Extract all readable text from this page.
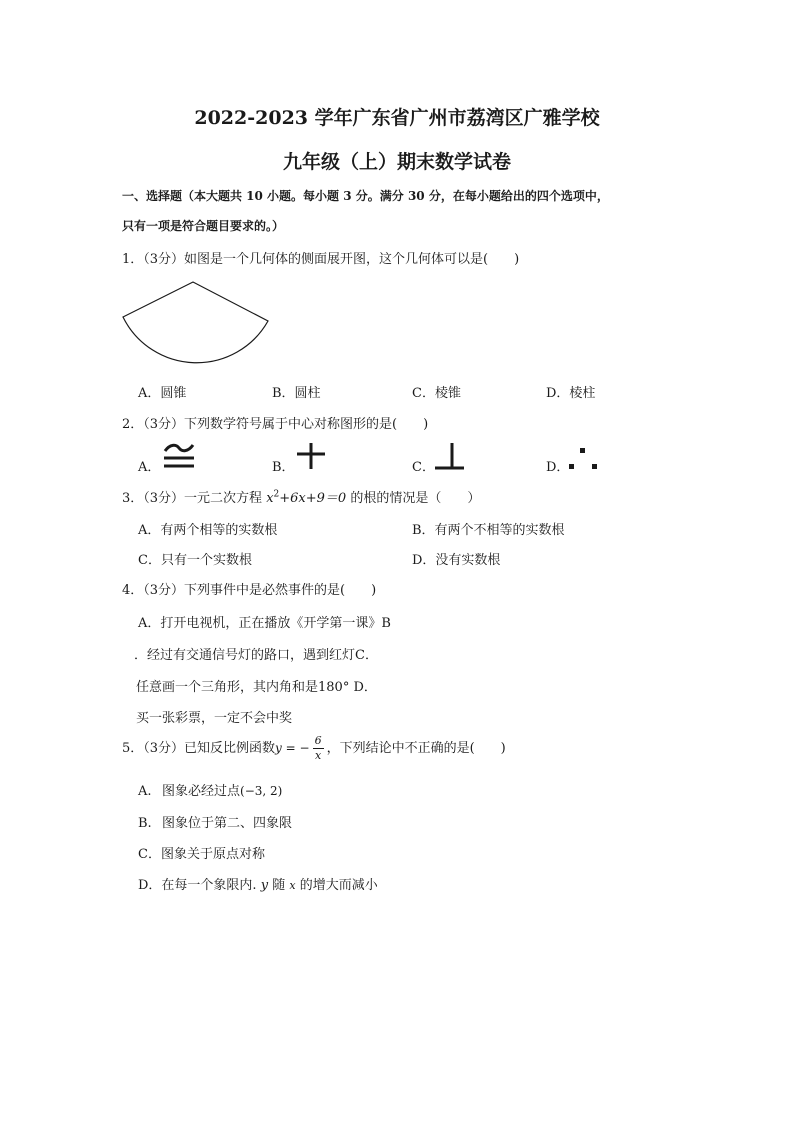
2022-2023 学年广东省广州市荔湾区广雅学校
九年级（上）期末数学试卷
一、选择题（本大题共 10 小题。每小题 3 分。满分 30 分，在每小题给出的四个选项中，
只有一项是符合题目要求的。）
1．（3分）如图是一个几何体的侧面展开图，这个几何体可以是(　　)
A．圆锥	B．圆柱	C．棱锥	D．棱柱
2．（3分）下列数学符号属于中心对称图形的是(　　)
A．	B．	C．	D．
3．（3分）一元二次方程 $x^2+6x+9=0$ 的根的情况是（　　）
A．有两个相等的实数根	B．有两个不相等的实数根
C．只有一个实数根	D．没有实数根
4．（3分）下列事件中是必然事件的是(　　)
A．打开电视机，正在播放《开学第一课》B
．经过有交通信号灯的路口，遇到红灯C．
任意画一个三角形，其内角和是180° D．
买一张彩票，一定不会中奖
5．（3分）已知反比例函数y = − $\frac{6}{x}$ ，下列结论中不正确的是(　　)
A. 图象必经过点(−3, 2)
B. 图象位于第二、四象限
C．图象关于原点对称
D．在每一个象限内. y 随 x 的增大而减小
